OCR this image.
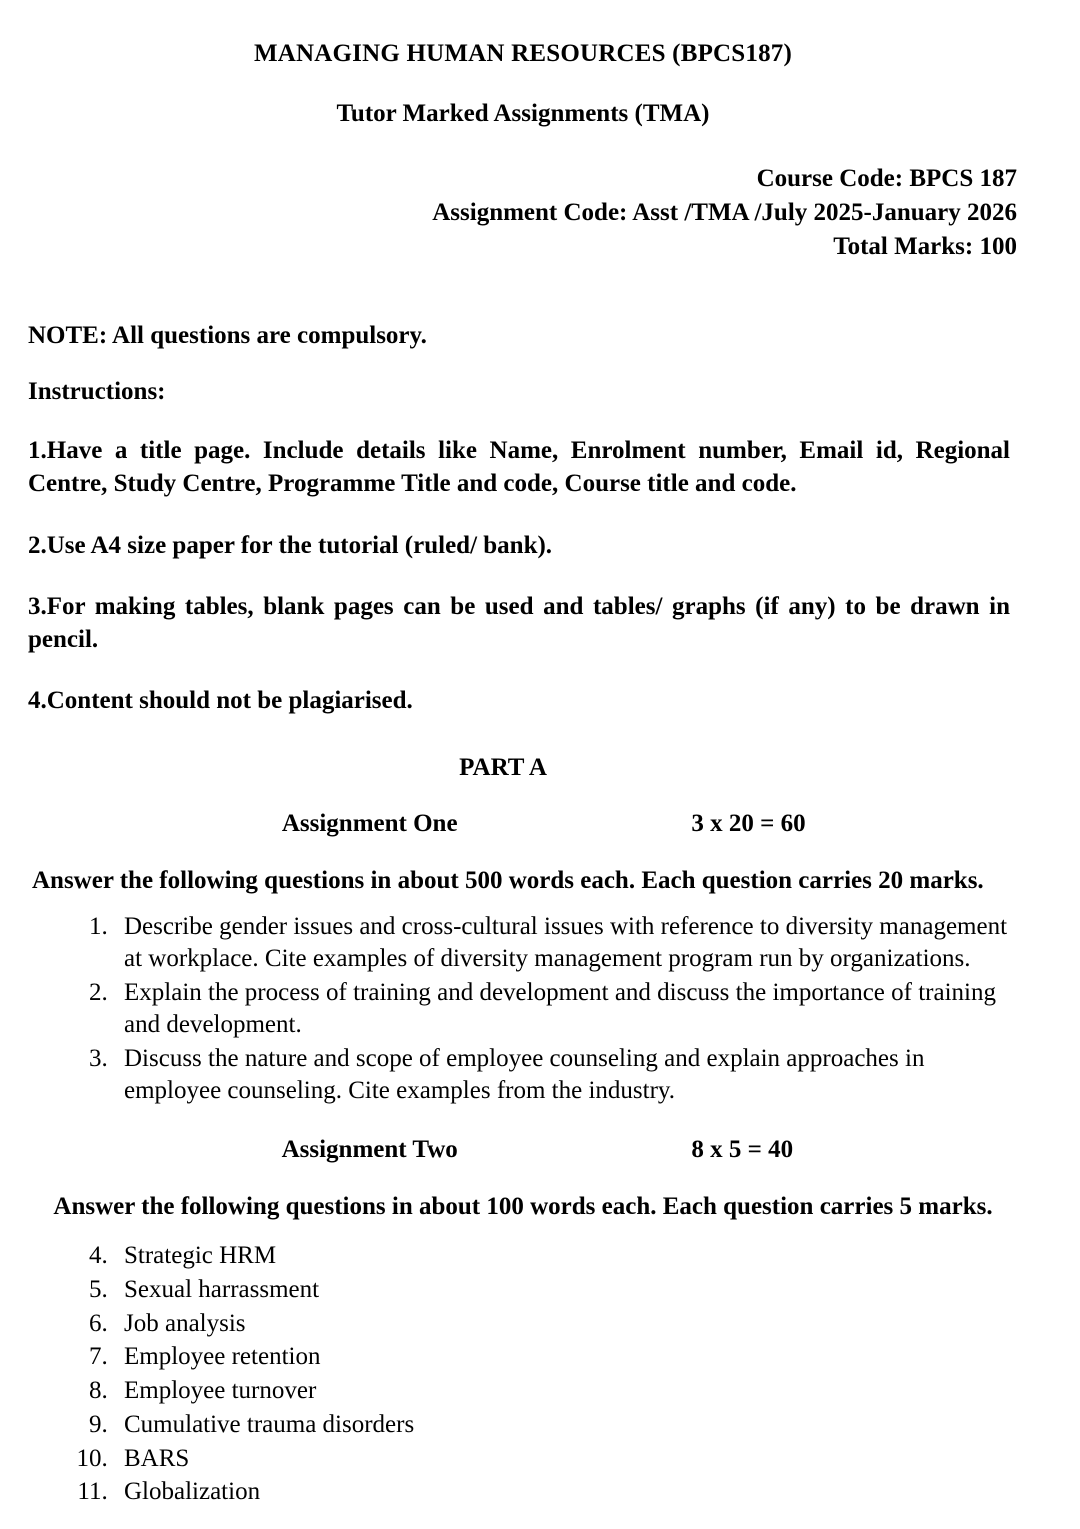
MANAGING HUMAN RESOURCES (BPCS187)
Tutor Marked Assignments (TMA)
Course Code: BPCS 187
Assignment Code: Asst /TMA /July 2025-January 2026
Total Marks: 100
NOTE: All questions are compulsory.
Instructions:
1.Have a title page. Include details like Name, Enrolment number, Email id, Regional Centre, Study Centre, Programme Title and code, Course title and code.
2.Use A4 size paper for the tutorial (ruled/ bank).
3.For making tables, blank pages can be used and tables/ graphs (if any) to be drawn in pencil.
4.Content should not be plagiarised.
PART A
Assignment One	3 x 20 = 60
Answer the following questions in about 500 words each. Each question carries 20 marks.
1. Describe gender issues and cross-cultural issues with reference to diversity management at workplace. Cite examples of diversity management program run by organizations.
2. Explain the process of training and development and discuss the importance of training and development.
3. Discuss the nature and scope of employee counseling and explain approaches in employee counseling. Cite examples from the industry.
Assignment Two	8 x 5 = 40
Answer the following questions in about 100 words each. Each question carries 5 marks.
4. Strategic HRM
5. Sexual harrassment
6. Job analysis
7. Employee retention
8. Employee turnover
9. Cumulative trauma disorders
10. BARS
11. Globalization
